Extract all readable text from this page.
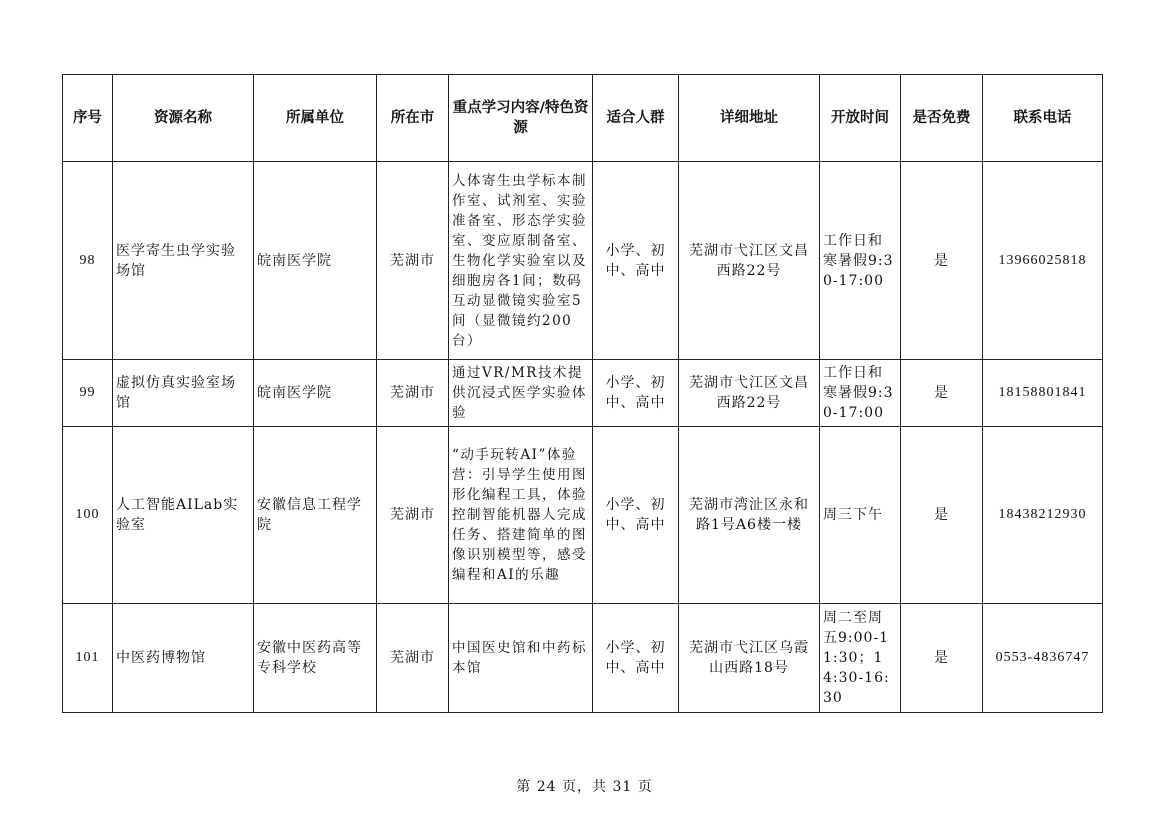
序号	资源名称	所属单位	所在市	重点学习内容/特色资源	适合人群	详细地址	开放时间	是否免费	联系电话
98	医学寄生虫学实验场馆	皖南医学院	芜湖市	人体寄生虫学标本制作室、试剂室、实验准备室、形态学实验室、变应原制备室、生物化学实验室以及细胞房各1间；数码互动显微镜实验室5间（显微镜约200台）	小学、初中、高中	芜湖市弋江区文昌西路22号	工作日和寒暑假9:30-17:00	是	13966025818
99	虚拟仿真实验室场馆	皖南医学院	芜湖市	通过VR/MR技术提供沉浸式医学实验体验	小学、初中、高中	芜湖市弋江区文昌西路22号	工作日和寒暑假9:30-17:00	是	18158801841
100	人工智能AILab实验室	安徽信息工程学院	芜湖市	“动手玩转AI”体验营：引导学生使用图形化编程工具，体验控制智能机器人完成任务、搭建简单的图像识别模型等，感受编程和AI的乐趣	小学、初中、高中	芜湖市湾沚区永和路1号A6楼一楼	周三下午	是	18438212930
101	中医药博物馆	安徽中医药高等专科学校	芜湖市	中国医史馆和中药标本馆	小学、初中、高中	芜湖市弋江区乌霞山西路18号	周二至周五9:00-11:30；14:30-16:30	是	0553-4836747
第 24 页，共 31 页
